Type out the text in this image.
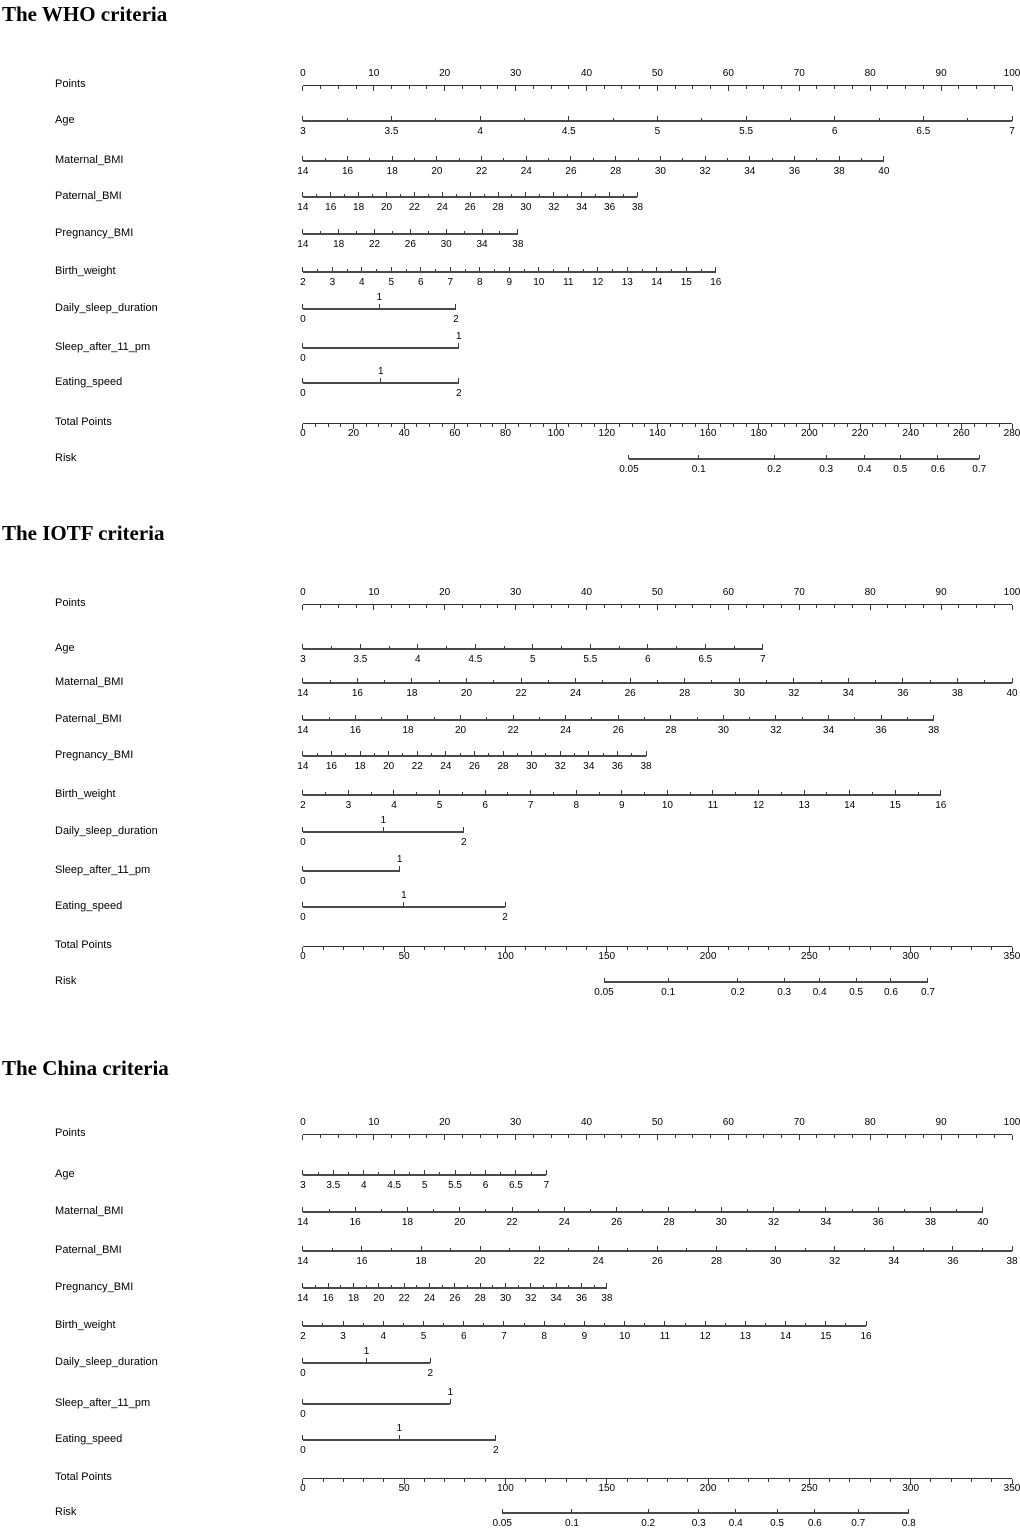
The WHO criteria
Points
0	10	20	30	40	50	60	70	80	90	100
Age
3	3.5	4	4.5	5	5.5	6	6.5	7
Maternal_BMI
14	16	18	20	22	24	26	28	30	32	34	36	38	40
Paternal_BMI
14	16	18	20	22	24	26	28	30	32	34	36	38
Pregnancy_BMI
14	18	22	26	30	34	38
Birth_weight
2	3	4	5	6	7	8	9	10	11	12	13	14	15	16
Daily_sleep_duration
0
1
2
Sleep_after_11_pm
0
1
Eating_speed
0
1
2
Total Points
0	20	40	60	80	100	120	140	160	180	200	220	240	260	280
Risk
0.05	0.1	0.2	0.3	0.4	0.5	0.6	0.7
The IOTF criteria
Points
0	10	20	30	40	50	60	70	80	90	100
Age
3	3.5	4	4.5	5	5.5	6	6.5	7
Maternal_BMI
14	16	18	20	22	24	26	28	30	32	34	36	38	40
Paternal_BMI
14	16	18	20	22	24	26	28	30	32	34	36	38
Pregnancy_BMI
14	16	18	20	22	24	26	28	30	32	34	36	38
Birth_weight
2	3	4	5	6	7	8	9	10	11	12	13	14	15	16
Daily_sleep_duration
0
1
2
Sleep_after_11_pm
0
1
Eating_speed
0
1
2
Total Points
0	50	100	150	200	250	300	350
Risk
0.05	0.1	0.2	0.3	0.4	0.5	0.6	0.7
The China criteria
Points
0	10	20	30	40	50	60	70	80	90	100
Age
3	3.5	4	4.5	5	5.5	6	6.5	7
Maternal_BMI
14	16	18	20	22	24	26	28	30	32	34	36	38	40
Paternal_BMI
14	16	18	20	22	24	26	28	30	32	34	36	38
Pregnancy_BMI
14	16	18	20	22	24	26	28	30	32	34	36	38
Birth_weight
2	3	4	5	6	7	8	9	10	11	12	13	14	15	16
Daily_sleep_duration
0
1
2
Sleep_after_11_pm
0
1
Eating_speed
0
1
2
Total Points
0	50	100	150	200	250	300	350
Risk
0.05	0.1	0.2	0.3	0.4	0.5	0.6	0.7	0.8
